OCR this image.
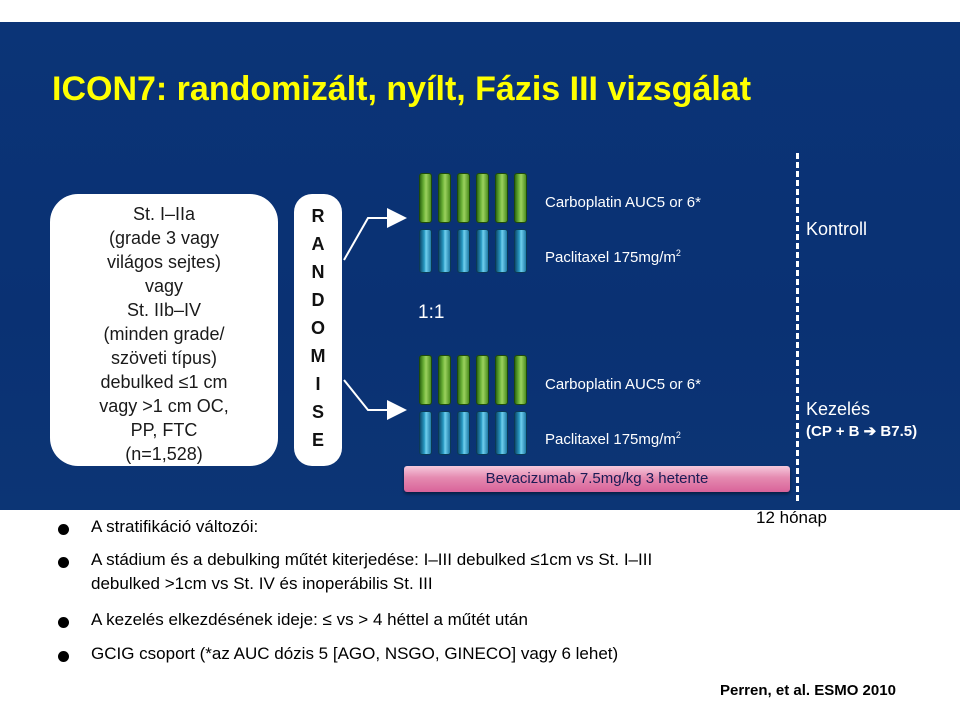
ICON7: randomizált, nyílt, Fázis III vizsgálat
St. I–IIa
(grade 3 vagy
világos sejtes)
vagy
St. IIb–IV
(minden grade/
szöveti típus)
debulked ≤1 cm
vagy >1 cm OC,
PP, FTC
(n=1,528)
R
A
N
D
O
M
I
S
E
1:1
Carboplatin AUC5 or 6*
Paclitaxel $175mg/m^2$
Carboplatin AUC5 or 6*
Paclitaxel $175mg/m^2$
Bevacizumab 7.5mg/kg 3 hetente
Kontroll
Kezelés
(CP + B ➔ B7.5)
12 hónap
A stratifikáció változói:
A stádium és a debulking műtét kiterjedése: I–III debulked ≤1cm vs St. I–III
debulked >1cm vs St. IV és inoperábilis St. III
A kezelés elkezdésének ideje: ≤ vs > 4 héttel a műtét után
GCIG csoport (*az AUC dózis 5 [AGO, NSGO, GINECO] vagy 6 lehet)
Perren, et al. ESMO 2010
